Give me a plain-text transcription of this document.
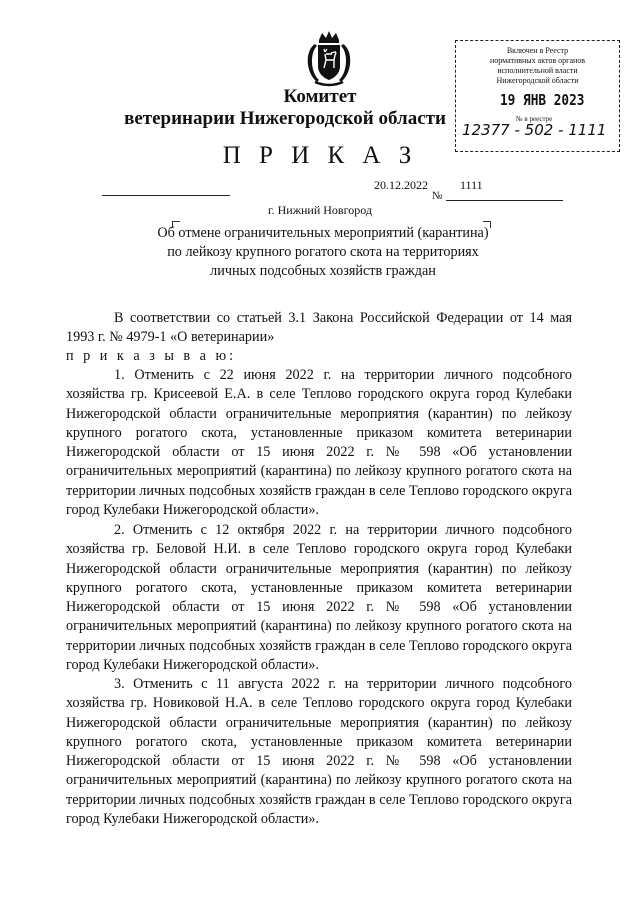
Комитет
ветеринарии Нижегородской области
П Р И К А З
Включен в Реестр
нормативных актов органов
исполнительной власти
Нижегородской области
19 ЯНВ 2023
№ в реестре
12377 - 502 - 1111
20.12.2022
№
1111
г. Нижний Новгород
Об отмене ограничительных мероприятий (карантина) по лейкозу крупного рогатого скота на территориях личных подсобных хозяйств граждан
В соответствии со статьей 3.1 Закона Российской Федерации от 14 мая 1993 г. № 4979-1 «О ветеринарии»
п р и к а з ы в а ю:
1. Отменить с 22 июня 2022 г. на территории личного подсобного хозяйства гр. Крисеевой Е.А. в селе Теплово городского округа город Кулебаки Нижегородской области ограничительные мероприятия (карантин) по лейкозу крупного рогатого скота, установленные приказом комитета ветеринарии Нижегородской области от 15 июня 2022 г. № 598 «Об установлении ограничительных мероприятий (карантина) по лейкозу крупного рогатого скота на территории личных подсобных хозяйств граждан в селе Теплово городского округа город Кулебаки Нижегородской области».
2. Отменить с 12 октября 2022 г. на территории личного подсобного хозяйства гр. Беловой Н.И. в селе Теплово городского округа город Кулебаки Нижегородской области ограничительные мероприятия (карантин) по лейкозу крупного рогатого скота, установленные приказом комитета ветеринарии Нижегородской области от 15 июня 2022 г. № 598 «Об установлении ограничительных мероприятий (карантина) по лейкозу крупного рогатого скота на территории личных подсобных хозяйств граждан в селе Теплово городского округа город Кулебаки Нижегородской области».
3. Отменить с 11 августа 2022 г. на территории личного подсобного хозяйства гр. Новиковой Н.А. в селе Теплово городского округа город Кулебаки Нижегородской области ограничительные мероприятия (карантин) по лейкозу крупного рогатого скота, установленные приказом комитета ветеринарии Нижегородской области от 15 июня 2022 г. № 598 «Об установлении ограничительных мероприятий (карантина) по лейкозу крупного рогатого скота на территории личных подсобных хозяйств граждан в селе Теплово городского округа город Кулебаки Нижегородской области».
